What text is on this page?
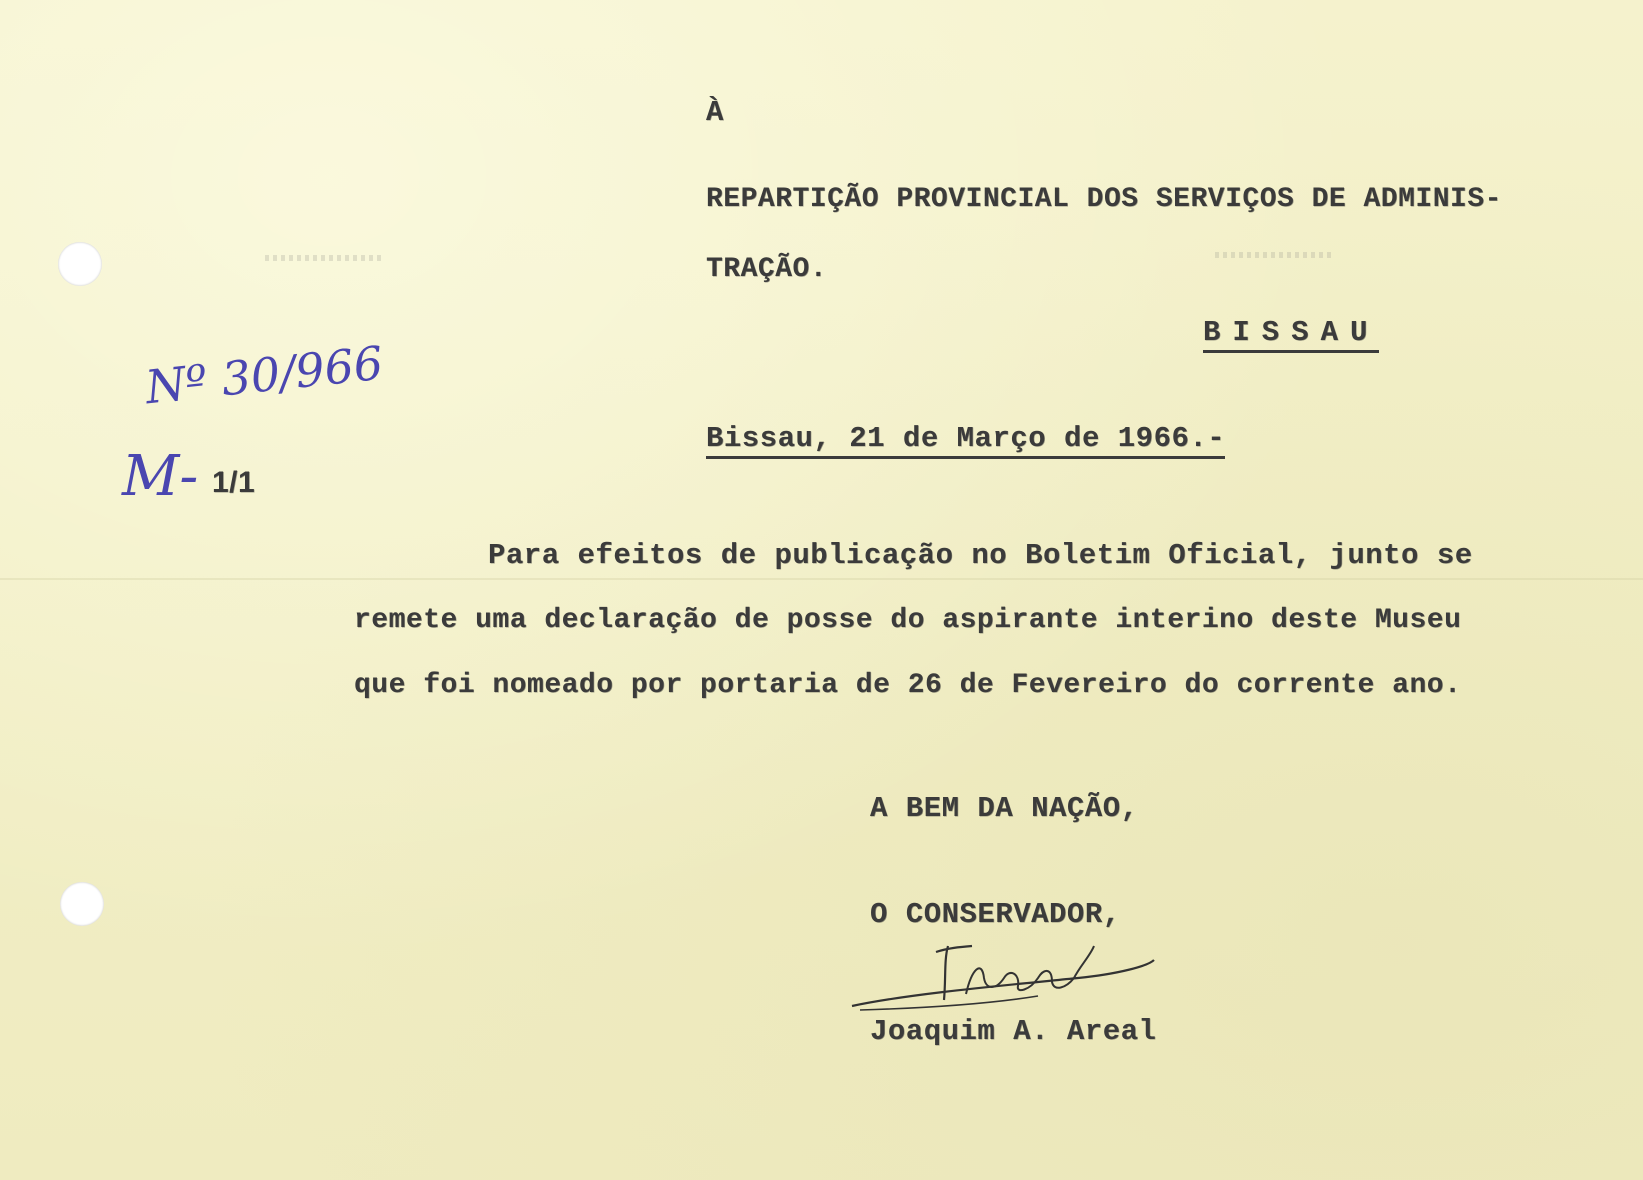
À

REPARTIÇÃO PROVINCIAL DOS SERVIÇOS DE ADMINIS-

TRAÇÃO.

BISSAU

Bissau, 21 de Março de 1966.-

Para efeitos de publicação no Boletim Oficial, junto se

remete uma declaração de posse do aspirante interino deste Museu

que foi nomeado por portaria de 26 de Fevereiro do corrente ano.

A BEM DA NAÇÃO,

O CONSERVADOR,

Joaquim A. Areal

Nº 30/966

M- 1/1
